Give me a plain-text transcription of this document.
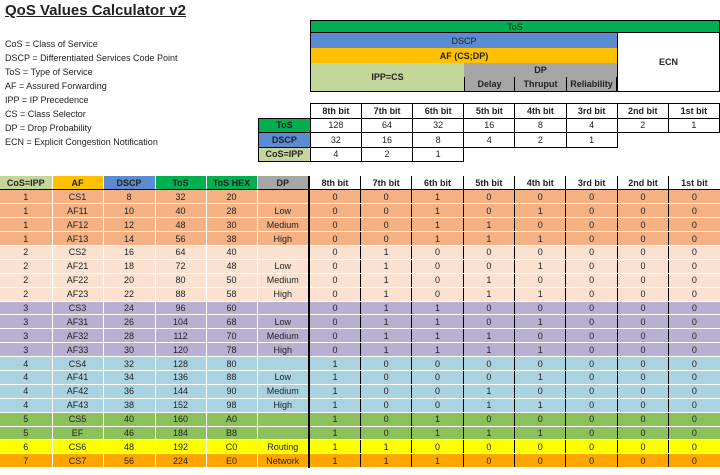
QoS Values Calculator v2
CoS = Class of Service
DSCP = Differentiated Services Code Point
ToS = Type of Service
AF = Assured Forwarding
IPP = IP Precedence
CS = Class Selector
DP = Drop Probability
ECN = Explicit Congestion Notification
ToS
DSCP
AF (CS;DP)
IPP=CS
DP
Delay	Thruput	Reliability
ECN
	8th bit	7th bit	6th bit	5th bit	4th bit	3rd bit	2nd bit	1st bit
ToS	128	64	32	16	8	4	2	1
DSCP	32	16	8	4	2	1		
CoS=IPP	4	2	1					
CoS=IPP	AF	DSCP	ToS	ToS HEX	DP	8th bit	7th bit	6th bit	5th bit	4th bit	3rd bit	2nd bit	1st bit
1	CS1	8	32	20		0	0	1	0	0	0	0	0
1	AF11	10	40	28	Low	0	0	1	0	1	0	0	0
1	AF12	12	48	30	Medium	0	0	1	1	0	0	0	0
1	AF13	14	56	38	High	0	0	1	1	1	0	0	0
2	CS2	16	64	40		0	1	0	0	0	0	0	0
2	AF21	18	72	48	Low	0	1	0	0	1	0	0	0
2	AF22	20	80	50	Medium	0	1	0	1	0	0	0	0
2	AF23	22	88	58	High	0	1	0	1	1	0	0	0
3	CS3	24	96	60		0	1	1	0	0	0	0	0
3	AF31	26	104	68	Low	0	1	1	0	1	0	0	0
3	AF32	28	112	70	Medium	0	1	1	1	0	0	0	0
3	AF33	30	120	78	High	0	1	1	1	1	0	0	0
4	CS4	32	128	80		1	0	0	0	0	0	0	0
4	AF41	34	136	88	Low	1	0	0	0	1	0	0	0
4	AF42	36	144	90	Medium	1	0	0	1	0	0	0	0
4	AF43	38	152	98	High	1	0	0	1	1	0	0	0
5	CS5	40	160	A0		1	0	1	0	0	0	0	0
5	EF	46	184	B8		1	0	1	1	1	0	0	0
6	CS6	48	192	C0	Routing	1	1	0	0	0	0	0	0
7	CS7	56	224	E0	Network	1	1	1	0	0	0	0	0
